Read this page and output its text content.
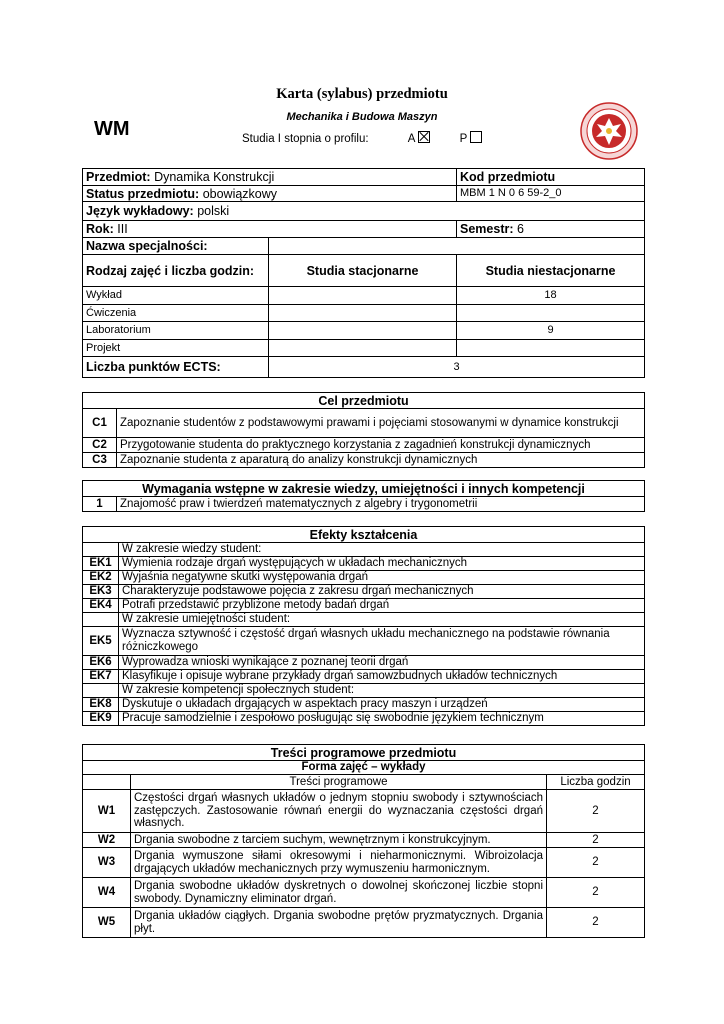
WM
Karta (sylabus) przedmiotu
Mechanika i Budowa Maszyn
Studia I stopnia o profilu:	A	P
Przedmiot: Dynamika Konstrukcji		Kod przedmiotu
Status przedmiotu: obowiązkowy		MBM 1 N 0 6 59-2_0
Język wykładowy: polski		
Rok: III		Semestr: 6
Nazwa specjalności:		
Rodzaj zajęć i liczba godzin:	Studia stacjonarne	Studia niestacjonarne
Wykład		18
Ćwiczenia		
Laboratorium		9
Projekt		
Liczba punktów ECTS:	3	
Cel przedmiotu	
C1	Zapoznanie studentów z podstawowymi prawami i pojęciami stosowanymi w dynamice konstrukcji
C2	Przygotowanie studenta do praktycznego korzystania z zagadnień konstrukcji dynamicznych
C3	Zapoznanie studenta z aparaturą do analizy konstrukcji dynamicznych
Wymagania wstępne w zakresie wiedzy, umiejętności i innych kompetencji
1	Znajomość praw i twierdzeń matematycznych z algebry i trygonometrii
Efekty kształcenia	
	W zakresie wiedzy student:
EK1	Wymienia rodzaje drgań występujących w układach mechanicznych
EK2	Wyjaśnia negatywne skutki występowania drgań
EK3	Charakteryzuje podstawowe pojęcia z zakresu drgań mechanicznych
EK4	Potrafi przedstawić przybliżone metody badań drgań
	W zakresie umiejętności student:
EK5	Wyznacza sztywność i częstość drgań własnych układu mechanicznego na podstawie równania różniczkowego
EK6	Wyprowadza wnioski wynikające z poznanej teorii drgań
EK7	Klasyfikuje i opisuje wybrane przykłady drgań samowzbudnych układów technicznych
	W zakresie kompetencji społecznych student:
EK8	Dyskutuje o układach drgających w aspektach pracy maszyn i urządzeń
EK9	Pracuje samodzielnie i zespołowo posługując się swobodnie językiem technicznym
Treści programowe przedmiotu		
Forma zajęć – wykłady		
	Treści programowe	Liczba godzin
W1	Częstości drgań własnych układów o jednym stopniu swobody i sztywnościach zastępczych. Zastosowanie równań energii do wyznaczania częstości drgań własnych.	2
W2	Drgania swobodne z tarciem suchym, wewnętrznym i konstrukcyjnym.	2
W3	Drgania wymuszone siłami okresowymi i nieharmonicznymi. Wibroizolacja drgających układów mechanicznych przy wymuszeniu harmonicznym.	2
W4	Drgania swobodne układów dyskretnych o dowolnej skończonej liczbie stopni swobody. Dynamiczny eliminator drgań.	2
W5	Drgania układów ciągłych. Drgania swobodne prętów pryzmatycznych. Drgania płyt.	2
